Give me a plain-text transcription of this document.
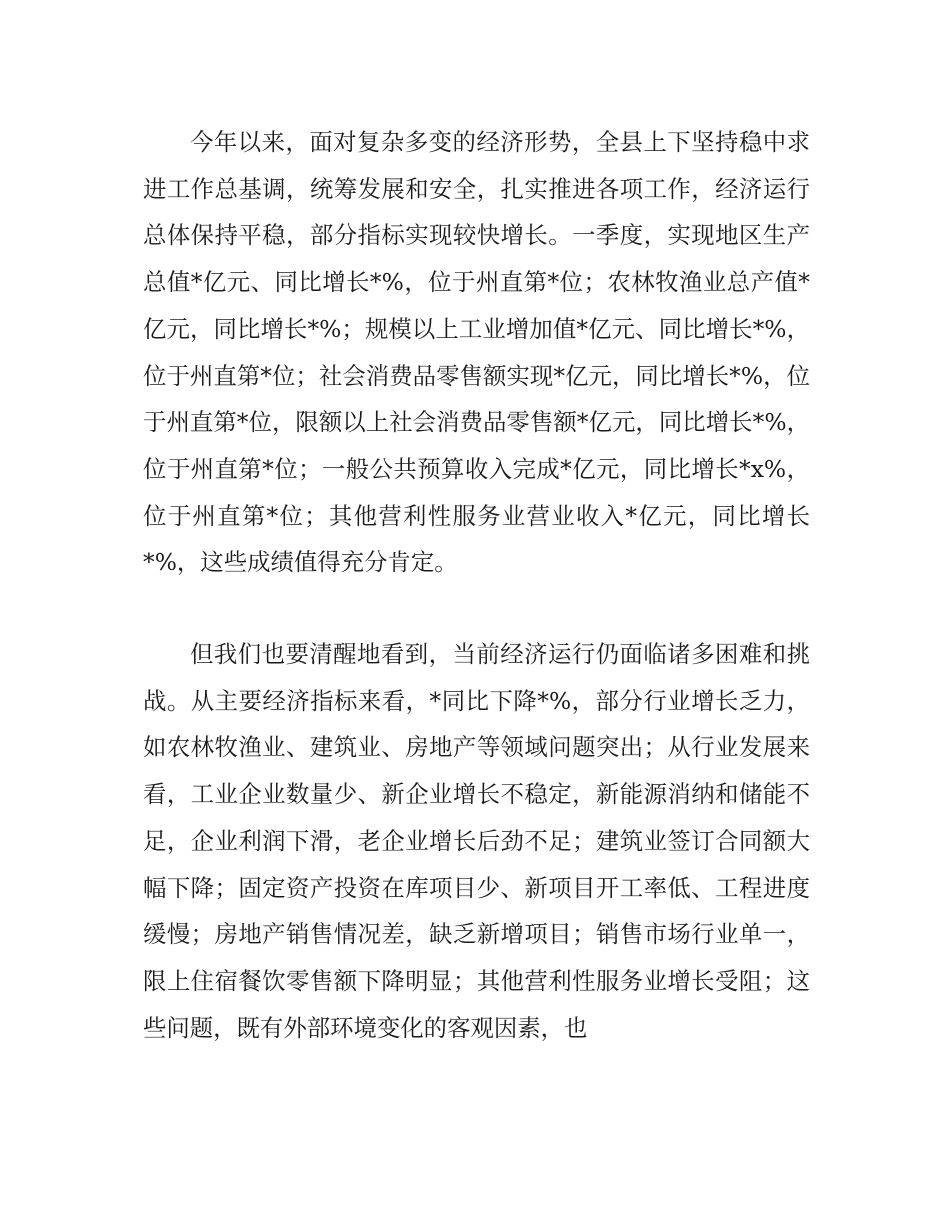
今年以来，面对复杂多变的经济形势，全县上下坚持稳中求进工作总基调，统筹发展和安全，扎实推进各项工作，经济运行总体保持平稳，部分指标实现较快增长。一季度，实现地区生产总值*亿元、同比增长*%，位于州直第*位；农林牧渔业总产值*亿元，同比增长*%；规模以上工业增加值*亿元、同比增长*%，位于州直第*位；社会消费品零售额实现*亿元，同比增长*%，位于州直第*位，限额以上社会消费品零售额*亿元，同比增长*%，位于州直第*位；一般公共预算收入完成*亿元，同比增长*x%，位于州直第*位；其他营利性服务业营业收入*亿元，同比增长*%，这些成绩值得充分肯定。

但我们也要清醒地看到，当前经济运行仍面临诸多困难和挑战。从主要经济指标来看，*同比下降*%，部分行业增长乏力，如农林牧渔业、建筑业、房地产等领域问题突出；从行业发展来看，工业企业数量少、新企业增长不稳定，新能源消纳和储能不足，企业利润下滑，老企业增长后劲不足；建筑业签订合同额大幅下降；固定资产投资在库项目少、新项目开工率低、工程进度缓慢；房地产销售情况差，缺乏新增项目；销售市场行业单一，限上住宿餐饮零售额下降明显；其他营利性服务业增长受阻；这些问题，既有外部环境变化的客观因素，也
